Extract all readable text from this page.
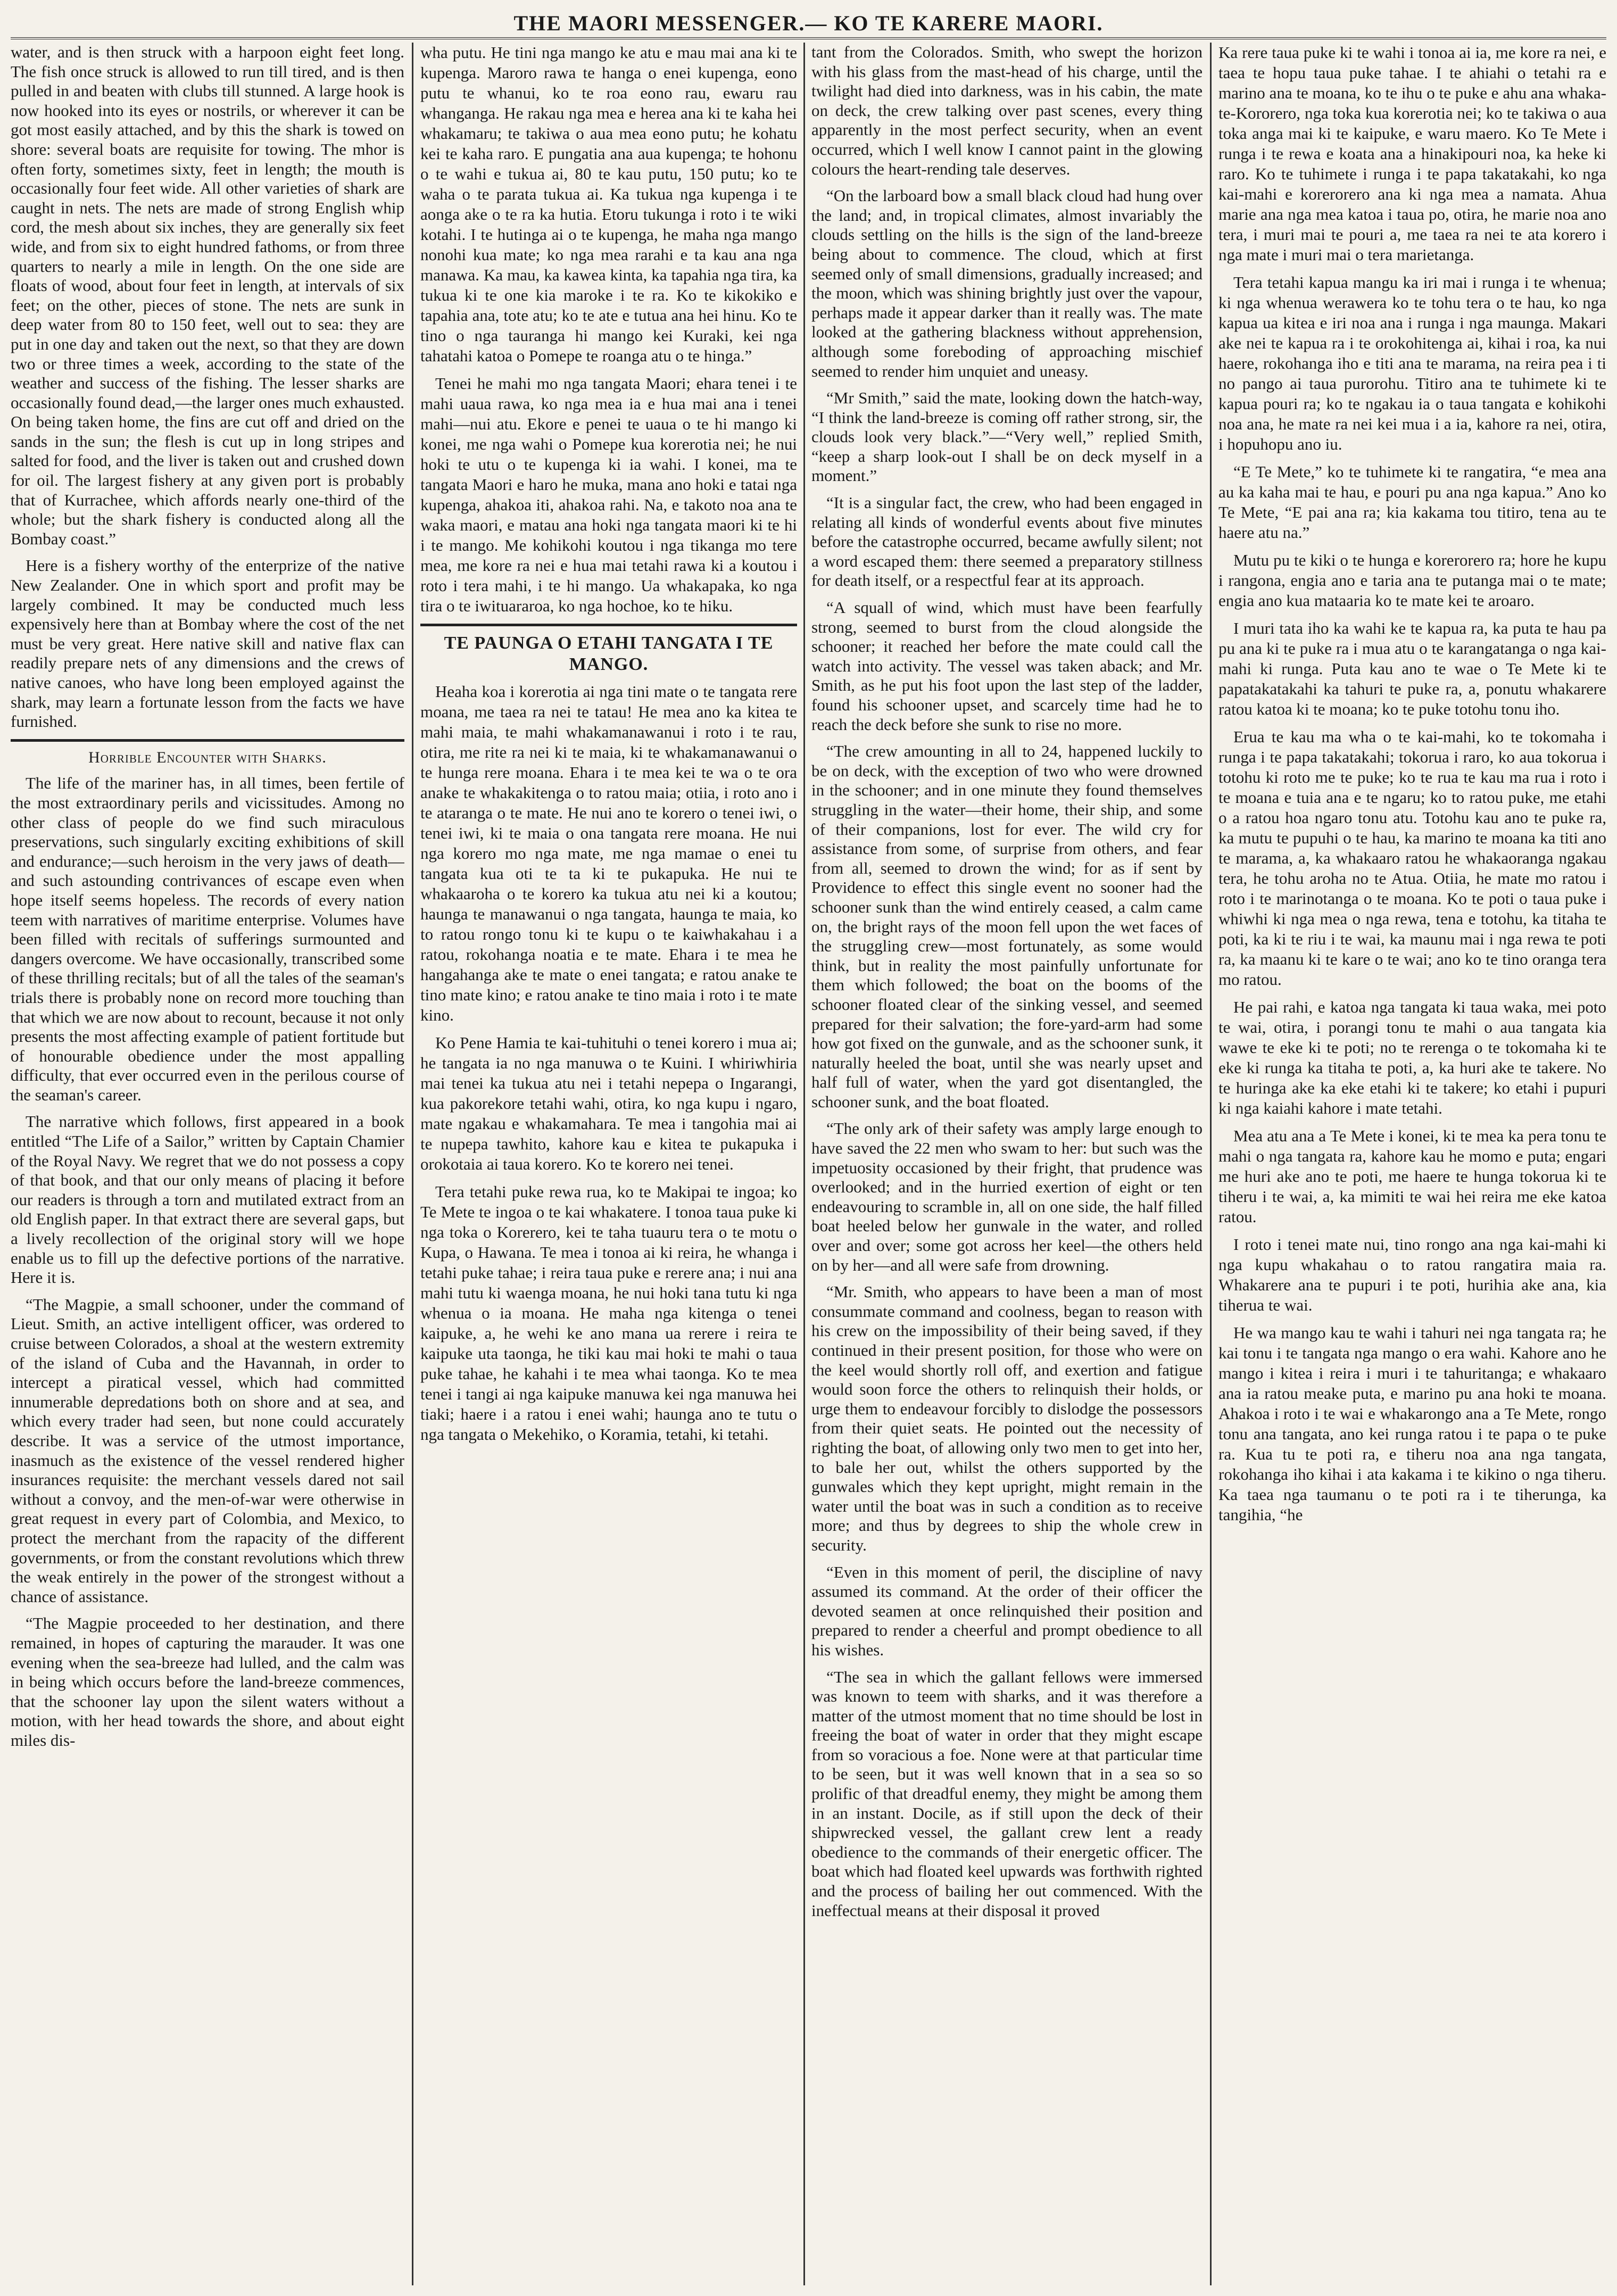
THE MAORI MESSENGER.— KO TE KARERE MAORI.

water, and is then struck with a harpoon eight feet long. The fish once struck is allowed to run till tired, and is then pulled in and beaten with clubs till stunned. A large hook is now hooked into its eyes or nostrils, or wherever it can be got most easily attached, and by this the shark is towed on shore: several boats are requisite for towing. The mhor is often forty, sometimes sixty, feet in length; the mouth is occasionally four feet wide. All other varieties of shark are caught in nets. The nets are made of strong English whip cord, the mesh about six inches, they are generally six feet wide, and from six to eight hundred fathoms, or from three quarters to nearly a mile in length. On the one side are floats of wood, about four feet in length, at intervals of six feet; on the other, pieces of stone. The nets are sunk in deep water from 80 to 150 feet, well out to sea: they are put in one day and taken out the next, so that they are down two or three times a week, according to the state of the weather and success of the fishing. The lesser sharks are occasionally found dead,—the larger ones much exhausted. On being taken home, the fins are cut off and dried on the sands in the sun; the flesh is cut up in long stripes and salted for food, and the liver is taken out and crushed down for oil. The largest fishery at any given port is probably that of Kurrachee, which affords nearly one-third of the whole; but the shark fishery is conducted along all the Bombay coast.”

Here is a fishery worthy of the enterprize of the native New Zealander. One in which sport and profit may be largely combined. It may be conducted much less expensively here than at Bombay where the cost of the net must be very great. Here native skill and native flax can readily prepare nets of any dimensions and the crews of native canoes, who have long been employed against the shark, may learn a fortunate lesson from the facts we have furnished.

Horrible Encounter with Sharks.

The life of the mariner has, in all times, been fertile of the most extraordinary perils and vicissitudes. Among no other class of people do we find such miraculous preservations, such singularly exciting exhibitions of skill and endurance;—such heroism in the very jaws of death—and such astounding contrivances of escape even when hope itself seems hopeless. The records of every nation teem with narratives of maritime enterprise. Volumes have been filled with recitals of sufferings surmounted and dangers overcome. We have occasionally, transcribed some of these thrilling recitals; but of all the tales of the seaman's trials there is probably none on record more touching than that which we are now about to recount, because it not only presents the most affecting example of patient fortitude but of honourable obedience under the most appalling difficulty, that ever occurred even in the perilous course of the seaman's career.

The narrative which follows, first appeared in a book entitled “The Life of a Sailor,” written by Captain Chamier of the Royal Navy. We regret that we do not possess a copy of that book, and that our only means of placing it before our readers is through a torn and mutilated extract from an old English paper. In that extract there are several gaps, but a lively recollection of the original story will we hope enable us to fill up the defective portions of the narrative. Here it is.

“The Magpie, a small schooner, under the command of Lieut. Smith, an active intelligent officer, was ordered to cruise between Colorados, a shoal at the western extremity of the island of Cuba and the Havannah, in order to intercept a piratical vessel, which had committed innumerable depredations both on shore and at sea, and which every trader had seen, but none could accurately describe. It was a service of the utmost importance, inasmuch as the existence of the vessel rendered higher insurances requisite: the merchant vessels dared not sail without a convoy, and the men-of-war were otherwise in great request in every part of Colombia, and Mexico, to protect the merchant from the rapacity of the different governments, or from the constant revolutions which threw the weak entirely in the power of the strongest without a chance of assistance.

“The Magpie proceeded to her destination, and there remained, in hopes of capturing the marauder. It was one evening when the sea-breeze had lulled, and the calm was in being which occurs before the land-breeze commences, that the schooner lay upon the silent waters without a motion, with her head towards the shore, and about eight miles dis-

wha putu. He tini nga mango ke atu e mau mai ana ki te kupenga. Maroro rawa te hanga o enei kupenga, eono putu te whanui, ko te roa eono rau, ewaru rau whanganga. He rakau nga mea e herea ana ki te kaha hei whakamaru; te takiwa o aua mea eono putu; he kohatu kei te kaha raro. E pungatia ana aua kupenga; te hohonu o te wahi e tukua ai, 80 te kau putu, 150 putu; ko te waha o te parata tukua ai. Ka tukua nga kupenga i te aonga ake o te ra ka hutia. Etoru tukunga i roto i te wiki kotahi. I te hutinga ai o te kupenga, he maha nga mango nonohi kua mate; ko nga mea rarahi e ta kau ana nga manawa. Ka mau, ka kawea kinta, ka tapahia nga tira, ka tukua ki te one kia maroke i te ra. Ko te kikokiko e tapahia ana, tote atu; ko te ate e tutua ana hei hinu. Ko te tino o nga tauranga hi mango kei Kuraki, kei nga tahatahi katoa o Pomepe te roanga atu o te hinga.”

Tenei he mahi mo nga tangata Maori; ehara tenei i te mahi uaua rawa, ko nga mea ia e hua mai ana i tenei mahi—nui atu. Ekore e penei te uaua o te hi mango ki konei, me nga wahi o Pomepe kua korerotia nei; he nui hoki te utu o te kupenga ki ia wahi. I konei, ma te tangata Maori e haro he muka, mana ano hoki e tatai nga kupenga, ahakoa iti, ahakoa rahi. Na, e takoto noa ana te waka maori, e matau ana hoki nga tangata maori ki te hi i te mango. Me kohikohi koutou i nga tikanga mo tere mea, me kore ra nei e hua mai tetahi rawa ki a koutou i roto i tera mahi, i te hi mango. Ua whakapaka, ko nga tira o te iwituararoa, ko nga hochoe, ko te hiku.

TE PAUNGA O ETAHI TANGATA I TE MANGO.

Heaha koa i korerotia ai nga tini mate o te tangata rere moana, me taea ra nei te tatau! He mea ano ka kitea te mahi maia, te mahi whakamanawanui i roto i te rau, otira, me rite ra nei ki te maia, ki te whakamanawanui o te hunga rere moana. Ehara i te mea kei te wa o te ora anake te whakakitenga o to ratou maia; otiia, i roto ano i te ataranga o te mate. He nui ano te korero o tenei iwi, o tenei iwi, ki te maia o ona tangata rere moana. He nui nga korero mo nga mate, me nga mamae o enei tu tangata kua oti te ta ki te pukapuka. He nui te whakaaroha o te korero ka tukua atu nei ki a koutou; haunga te manawanui o nga tangata, haunga te maia, ko to ratou rongo tonu ki te kupu o te kaiwhakahau i a ratou, rokohanga noatia e te mate. Ehara i te mea he hangahanga ake te mate o enei tangata; e ratou anake te tino mate kino; e ratou anake te tino maia i roto i te mate kino.

Ko Pene Hamia te kai-tuhituhi o tenei korero i mua ai; he tangata ia no nga manuwa o te Kuini. I whiriwhiria mai tenei ka tukua atu nei i tetahi nepepa o Ingarangi, kua pakorekore tetahi wahi, otira, ko nga kupu i ngaro, mate ngakau e whakamahara. Te mea i tangohia mai ai te nupepa tawhito, kahore kau e kitea te pukapuka i orokotaia ai taua korero. Ko te korero nei tenei.

Tera tetahi puke rewa rua, ko te Makipai te ingoa; ko Te Mete te ingoa o te kai whakatere. I tonoa taua puke ki nga toka o Korerero, kei te taha tuauru tera o te motu o Kupa, o Hawana. Te mea i tonoa ai ki reira, he whanga i tetahi puke tahae; i reira taua puke e rerere ana; i nui ana mahi tutu ki waenga moana, he nui hoki tana tutu ki nga whenua o ia moana. He maha nga kitenga o tenei kaipuke, a, he wehi ke ano mana ua rerere i reira te kaipuke uta taonga, he tiki kau mai hoki te mahi o taua puke tahae, he kahahi i te mea whai taonga. Ko te mea tenei i tangi ai nga kaipuke manuwa kei nga manuwa hei tiaki; haere i a ratou i enei wahi; haunga ano te tutu o nga tangata o Mekehiko, o Koramia, tetahi, ki tetahi.

tant from the Colorados. Smith, who swept the horizon with his glass from the mast-head of his charge, until the twilight had died into darkness, was in his cabin, the mate on deck, the crew talking over past scenes, every thing apparently in the most perfect security, when an event occurred, which I well know I cannot paint in the glowing colours the heart-rending tale deserves.

“On the larboard bow a small black cloud had hung over the land; and, in tropical climates, almost invariably the clouds settling on the hills is the sign of the land-breeze being about to commence. The cloud, which at first seemed only of small dimensions, gradually increased; and the moon, which was shining brightly just over the vapour, perhaps made it appear darker than it really was. The mate looked at the gathering blackness without apprehension, although some foreboding of approaching mischief seemed to render him unquiet and uneasy.

“Mr Smith,” said the mate, looking down the hatch-way, “I think the land-breeze is coming off rather strong, sir, the clouds look very black.”—“Very well,” replied Smith, “keep a sharp look-out I shall be on deck myself in a moment.”

“It is a singular fact, the crew, who had been engaged in relating all kinds of wonderful events about five minutes before the catastrophe occurred, became awfully silent; not a word escaped them: there seemed a preparatory stillness for death itself, or a respectful fear at its approach.

“A squall of wind, which must have been fearfully strong, seemed to burst from the cloud alongside the schooner; it reached her before the mate could call the watch into activity. The vessel was taken aback; and Mr. Smith, as he put his foot upon the last step of the ladder, found his schooner upset, and scarcely time had he to reach the deck before she sunk to rise no more.

“The crew amounting in all to 24, happened luckily to be on deck, with the exception of two who were drowned in the schooner; and in one minute they found themselves struggling in the water—their home, their ship, and some of their companions, lost for ever. The wild cry for assistance from some, of surprise from others, and fear from all, seemed to drown the wind; for as if sent by Providence to effect this single event no sooner had the schooner sunk than the wind entirely ceased, a calm came on, the bright rays of the moon fell upon the wet faces of the struggling crew—most fortunately, as some would think, but in reality the most painfully unfortunate for them which followed; the boat on the booms of the schooner floated clear of the sinking vessel, and seemed prepared for their salvation; the fore-yard-arm had some how got fixed on the gunwale, and as the schooner sunk, it naturally heeled the boat, until she was nearly upset and half full of water, when the yard got disentangled, the schooner sunk, and the boat floated.

“The only ark of their safety was amply large enough to have saved the 22 men who swam to her: but such was the impetuosity occasioned by their fright, that prudence was overlooked; and in the hurried exertion of eight or ten endeavouring to scramble in, all on one side, the half filled boat heeled below her gunwale in the water, and rolled over and over; some got across her keel—the others held on by her—and all were safe from drowning.

“Mr. Smith, who appears to have been a man of most consummate command and coolness, began to reason with his crew on the impossibility of their being saved, if they continued in their present position, for those who were on the keel would shortly roll off, and exertion and fatigue would soon force the others to relinquish their holds, or urge them to endeavour forcibly to dislodge the possessors from their quiet seats. He pointed out the necessity of righting the boat, of allowing only two men to get into her, to bale her out, whilst the others supported by the gunwales which they kept upright, might remain in the water until the boat was in such a condition as to receive more; and thus by degrees to ship the whole crew in security.

“Even in this moment of peril, the discipline of navy assumed its command. At the order of their officer the devoted seamen at once relinquished their position and prepared to render a cheerful and prompt obedience to all his wishes.

“The sea in which the gallant fellows were immersed was known to teem with sharks, and it was therefore a matter of the utmost moment that no time should be lost in freeing the boat of water in order that they might escape from so voracious a foe. None were at that particular time to be seen, but it was well known that in a sea so so prolific of that dreadful enemy, they might be among them in an instant. Docile, as if still upon the deck of their shipwrecked vessel, the gallant crew lent a ready obedience to the commands of their energetic officer. The boat which had floated keel upwards was forthwith righted and the process of bailing her out commenced. With the ineffectual means at their disposal it proved

Ka rere taua puke ki te wahi i tonoa ai ia, me kore ra nei, e taea te hopu taua puke tahae. I te ahiahi o tetahi ra e marino ana te moana, ko te ihu o te puke e ahu ana whaka-te-Kororero, nga toka kua korerotia nei; ko te takiwa o aua toka anga mai ki te kaipuke, e waru maero. Ko Te Mete i runga i te rewa e koata ana a hinakipouri noa, ka heke ki raro. Ko te tuhimete i runga i te papa takatakahi, ko nga kai-mahi e korerorero ana ki nga mea a namata. Ahua marie ana nga mea katoa i taua po, otira, he marie noa ano tera, i muri mai te pouri a, me taea ra nei te ata korero i nga mate i muri mai o tera marietanga.

Tera tetahi kapua mangu ka iri mai i runga i te whenua; ki nga whenua werawera ko te tohu tera o te hau, ko nga kapua ua kitea e iri noa ana i runga i nga maunga. Makari ake nei te kapua ra i te orokohitenga ai, kihai i roa, ka nui haere, rokohanga iho e titi ana te marama, na reira pea i ti no pango ai taua purorohu. Titiro ana te tuhimete ki te kapua pouri ra; ko te ngakau ia o taua tangata e kohikohi noa ana, he mate ra nei kei mua i a ia, kahore ra nei, otira, i hopuhopu ano iu.

“E Te Mete,” ko te tuhimete ki te rangatira, “e mea ana au ka kaha mai te hau, e pouri pu ana nga kapua.” Ano ko Te Mete, “E pai ana ra; kia kakama tou titiro, tena au te haere atu na.”

Mutu pu te kiki o te hunga e korerorero ra; hore he kupu i rangona, engia ano e taria ana te putanga mai o te mate; engia ano kua mataaria ko te mate kei te aroaro.

I muri tata iho ka wahi ke te kapua ra, ka puta te hau pa pu ana ki te puke ra i mua atu o te karangatanga o nga kai-mahi ki runga. Puta kau ano te wae o Te Mete ki te papatakatakahi ka tahuri te puke ra, a, ponutu whakarere ratou katoa ki te moana; ko te puke totohu tonu iho.

Erua te kau ma wha o te kai-mahi, ko te tokomaha i runga i te papa takatakahi; tokorua i raro, ko aua tokorua i totohu ki roto me te puke; ko te rua te kau ma rua i roto i te moana e tuia ana e te ngaru; ko to ratou puke, me etahi o a ratou hoa ngaro tonu atu. Totohu kau ano te puke ra, ka mutu te pupuhi o te hau, ka marino te moana ka titi ano te marama, a, ka whakaaro ratou he whakaoranga ngakau tera, he tohu aroha no te Atua. Otiia, he mate mo ratou i roto i te marinotanga o te moana. Ko te poti o taua puke i whiwhi ki nga mea o nga rewa, tena e totohu, ka titaha te poti, ka ki te riu i te wai, ka maunu mai i nga rewa te poti ra, ka maanu ki te kare o te wai; ano ko te tino oranga tera mo ratou.

He pai rahi, e katoa nga tangata ki taua waka, mei poto te wai, otira, i porangi tonu te mahi o aua tangata kia wawe te eke ki te poti; no te rerenga o te tokomaha ki te eke ki runga ka titaha te poti, a, ka huri ake te takere. No te huringa ake ka eke etahi ki te takere; ko etahi i pupuri ki nga kaiahi kahore i mate tetahi.

Mea atu ana a Te Mete i konei, ki te mea ka pera tonu te mahi o nga tangata ra, kahore kau he momo e puta; engari me huri ake ano te poti, me haere te hunga tokorua ki te tiheru i te wai, a, ka mimiti te wai hei reira me eke katoa ratou.

I roto i tenei mate nui, tino rongo ana nga kai-mahi ki nga kupu whakahau o to ratou rangatira maia ra. Whakarere ana te pupuri i te poti, hurihia ake ana, kia tiherua te wai.

He wa mango kau te wahi i tahuri nei nga tangata ra; he kai tonu i te tangata nga mango o era wahi. Kahore ano he mango i kitea i reira i muri i te tahuritanga; e whakaaro ana ia ratou meake puta, e marino pu ana hoki te moana. Ahakoa i roto i te wai e whakarongo ana a Te Mete, rongo tonu ana tangata, ano kei runga ratou i te papa o te puke ra. Kua tu te poti ra, e tiheru noa ana nga tangata, rokohanga iho kihai i ata kakama i te kikino o nga tiheru. Ka taea nga taumanu o te poti ra i te tiherunga, ka tangihia, “he
